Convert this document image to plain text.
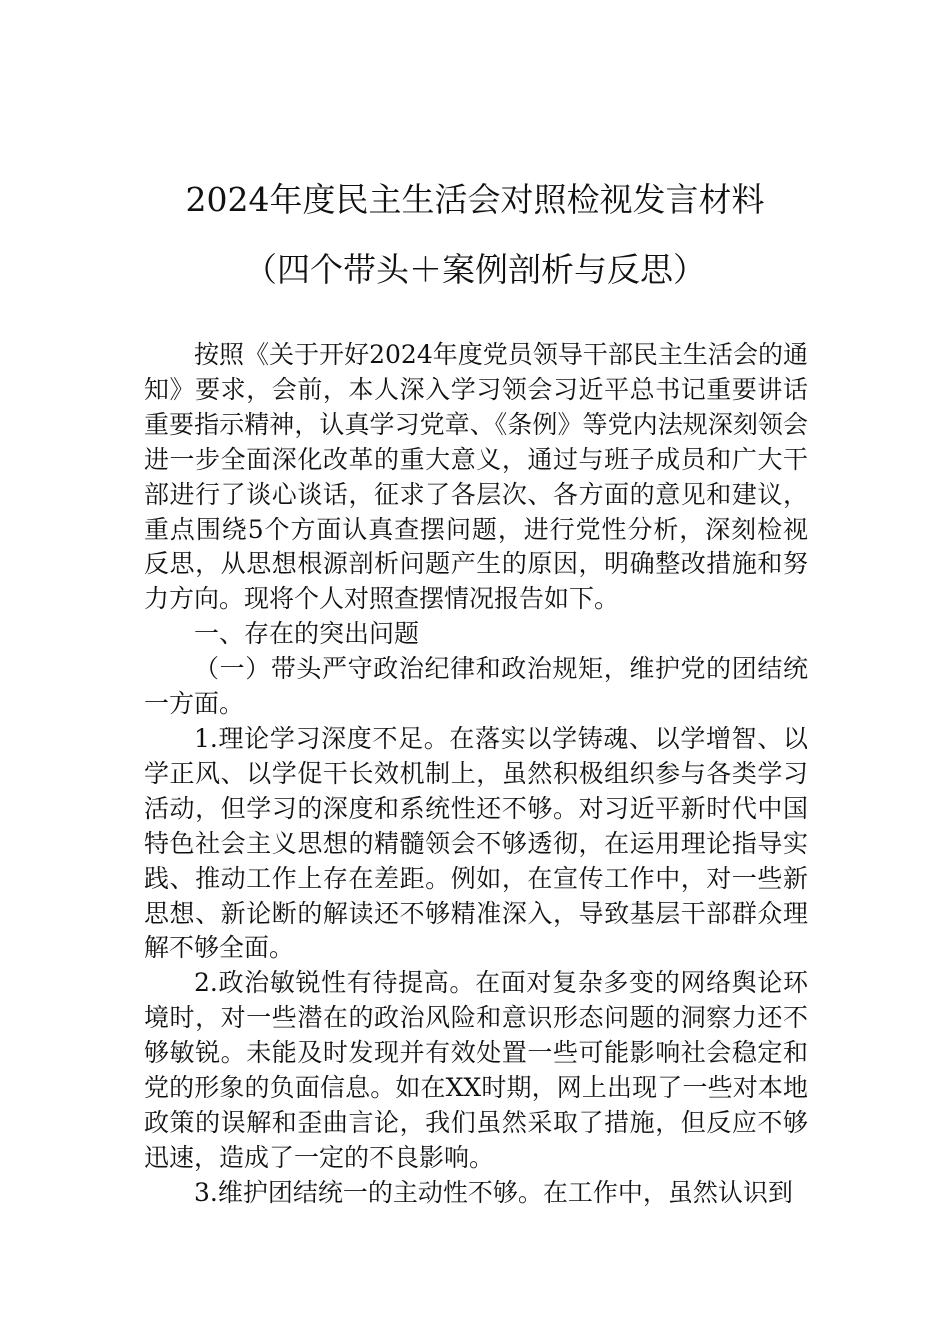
2024年度民主生活会对照检视发言材料
（四个带头＋案例剖析与反思）

按照《关于开好2024年度党员领导干部民主生活会的通知》要求，会前，本人深入学习领会习近平总书记重要讲话重要指示精神，认真学习党章、《条例》等党内法规深刻领会进一步全面深化改革的重大意义，通过与班子成员和广大干部进行了谈心谈话，征求了各层次、各方面的意见和建议，重点围绕5个方面认真查摆问题，进行党性分析，深刻检视反思，从思想根源剖析问题产生的原因，明确整改措施和努力方向。现将个人对照查摆情况报告如下。

一、存在的突出问题

（一）带头严守政治纪律和政治规矩，维护党的团结统一方面。

1.理论学习深度不足。在落实以学铸魂、以学增智、以学正风、以学促干长效机制上，虽然积极组织参与各类学习活动，但学习的深度和系统性还不够。对习近平新时代中国特色社会主义思想的精髓领会不够透彻，在运用理论指导实践、推动工作上存在差距。例如，在宣传工作中，对一些新思想、新论断的解读还不够精准深入，导致基层干部群众理解不够全面。

2.政治敏锐性有待提高。在面对复杂多变的网络舆论环境时，对一些潜在的政治风险和意识形态问题的洞察力还不够敏锐。未能及时发现并有效处置一些可能影响社会稳定和党的形象的负面信息。如在XX时期，网上出现了一些对本地政策的误解和歪曲言论，我们虽然采取了措施，但反应不够迅速，造成了一定的不良影响。

3.维护团结统一的主动性不够。在工作中，虽然认识到
